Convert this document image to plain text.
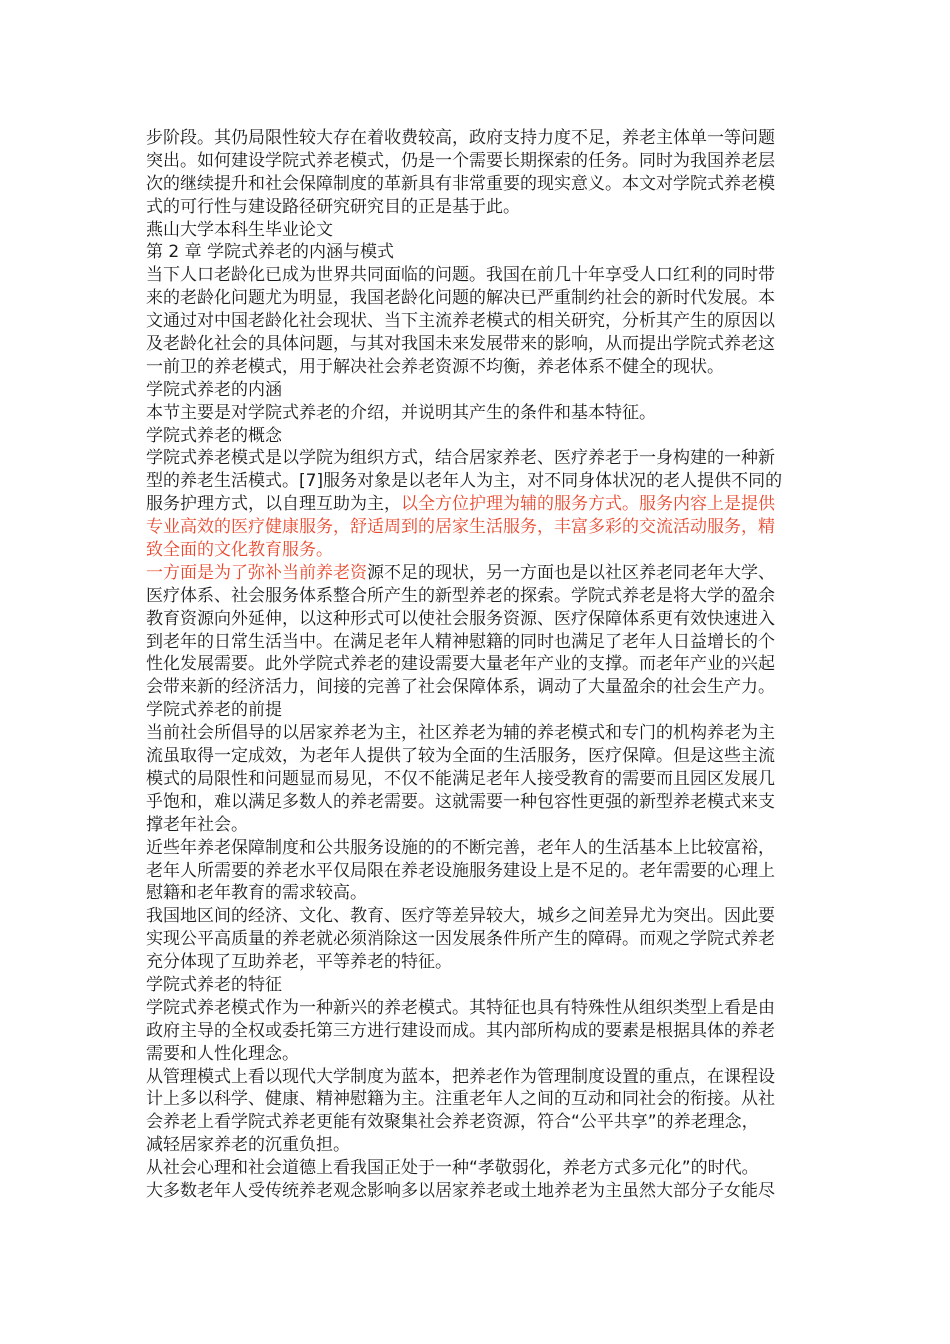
步阶段。其仍局限性较大存在着收费较高，政府支持力度不足，养老主体单一等问题
突出。如何建设学院式养老模式，仍是一个需要长期探索的任务。同时为我国养老层
次的继续提升和社会保障制度的革新具有非常重要的现实意义。本文对学院式养老模
式的可行性与建设路径研究研究目的正是基于此。
燕山大学本科生毕业论文
第 2 章 学院式养老的内涵与模式
当下人口老龄化已成为世界共同面临的问题。我国在前几十年享受人口红利的同时带
来的老龄化问题尤为明显，我国老龄化问题的解决已严重制约社会的新时代发展。本
文通过对中国老龄化社会现状、当下主流养老模式的相关研究，分析其产生的原因以
及老龄化社会的具体问题，与其对我国未来发展带来的影响，从而提出学院式养老这
一前卫的养老模式，用于解决社会养老资源不均衡，养老体系不健全的现状。
学院式养老的内涵
本节主要是对学院式养老的介绍，并说明其产生的条件和基本特征。
学院式养老的概念
学院式养老模式是以学院为组织方式，结合居家养老、医疗养老于一身构建的一种新
型的养老生活模式。[7]服务对象是以老年人为主，对不同身体状况的老人提供不同的
服务护理方式，以自理互助为主，以全方位护理为辅的服务方式。服务内容上是提供
专业高效的医疗健康服务，舒适周到的居家生活服务，丰富多彩的交流活动服务，精
致全面的文化教育服务。
一方面是为了弥补当前养老资源不足的现状，另一方面也是以社区养老同老年大学、
医疗体系、社会服务体系整合所产生的新型养老的探索。学院式养老是将大学的盈余
教育资源向外延伸，以这种形式可以使社会服务资源、医疗保障体系更有效快速进入
到老年的日常生活当中。在满足老年人精神慰籍的同时也满足了老年人日益增长的个
性化发展需要。此外学院式养老的建设需要大量老年产业的支撑。而老年产业的兴起
会带来新的经济活力，间接的完善了社会保障体系，调动了大量盈余的社会生产力。
学院式养老的前提
当前社会所倡导的以居家养老为主，社区养老为辅的养老模式和专门的机构养老为主
流虽取得一定成效，为老年人提供了较为全面的生活服务，医疗保障。但是这些主流
模式的局限性和问题显而易见，不仅不能满足老年人接受教育的需要而且园区发展几
乎饱和，难以满足多数人的养老需要。这就需要一种包容性更强的新型养老模式来支
撑老年社会。
近些年养老保障制度和公共服务设施的的不断完善，老年人的生活基本上比较富裕，
老年人所需要的养老水平仅局限在养老设施服务建设上是不足的。老年需要的心理上
慰籍和老年教育的需求较高。
我国地区间的经济、文化、教育、医疗等差异较大，城乡之间差异尤为突出。因此要
实现公平高质量的养老就必须消除这一因发展条件所产生的障碍。而观之学院式养老
充分体现了互助养老，平等养老的特征。
学院式养老的特征
学院式养老模式作为一种新兴的养老模式。其特征也具有特殊性从组织类型上看是由
政府主导的全权或委托第三方进行建设而成。其内部所构成的要素是根据具体的养老
需要和人性化理念。
从管理模式上看以现代大学制度为蓝本，把养老作为管理制度设置的重点，在课程设
计上多以科学、健康、精神慰籍为主。注重老年人之间的互动和同社会的衔接。从社
会养老上看学院式养老更能有效聚集社会养老资源，符合“公平共享”的养老理念，
减轻居家养老的沉重负担。
从社会心理和社会道德上看我国正处于一种“孝敬弱化，养老方式多元化”的时代。
大多数老年人受传统养老观念影响多以居家养老或土地养老为主虽然大部分子女能尽
